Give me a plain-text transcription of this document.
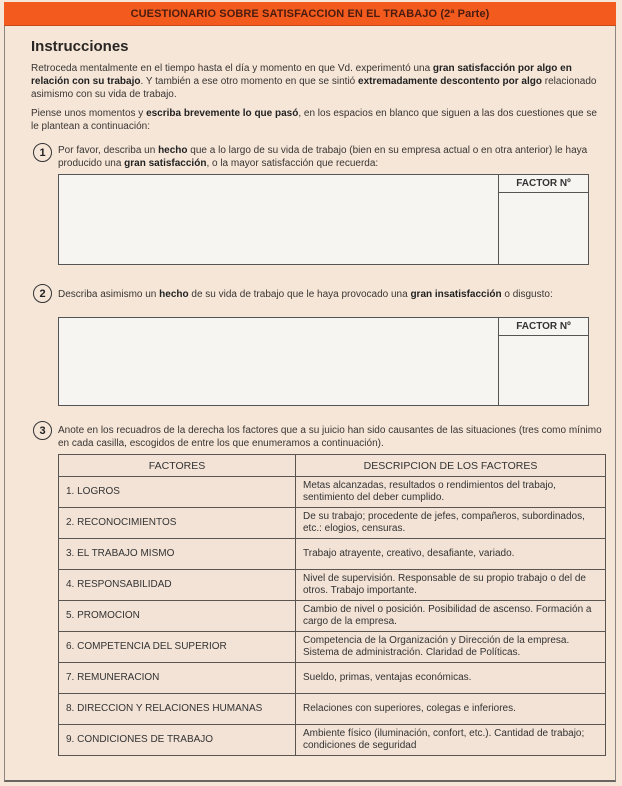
CUESTIONARIO SOBRE SATISFACCION EN EL TRABAJO (2ª Parte)
Instrucciones
Retroceda mentalmente en el tiempo hasta el día y momento en que Vd. experimentó una gran satisfacción por algo en relación con su trabajo. Y también a ese otro momento en que se sintió extremadamente descontento por algo relacionado asimismo con su vida de trabajo.
Piense unos momentos y escriba brevemente lo que pasó, en los espacios en blanco que siguen a las dos cuestiones que se le plantean a continuación:
1 Por favor, describa un hecho que a lo largo de su vida de trabajo (bien en su empresa actual o en otra anterior) le haya producido una gran satisfacción, o la mayor satisfacción que recuerda:
FACTOR Nº
2 Describa asimismo un hecho de su vida de trabajo que le haya provocado una gran insatisfacción o disgusto:
FACTOR Nº
3 Anote en los recuadros de la derecha los factores que a su juicio han sido causantes de las situaciones (tres como mínimo en cada casilla, escogidos de entre los que enumeramos a continuación).
FACTORES	DESCRIPCION DE LOS FACTORES
1. LOGROS	Metas alcanzadas, resultados o rendimientos del trabajo, sentimiento del deber cumplido.
2. RECONOCIMIENTOS	De su trabajo; procedente de jefes, compañeros, subordinados, etc.: elogios, censuras.
3. EL TRABAJO MISMO	Trabajo atrayente, creativo, desafiante, variado.
4. RESPONSABILIDAD	Nivel de supervisión. Responsable de su propio trabajo o del de otros. Trabajo importante.
5. PROMOCION	Cambio de nivel o posición. Posibilidad de ascenso. Formación a cargo de la empresa.
6. COMPETENCIA DEL SUPERIOR	Competencia de la Organización y Dirección de la empresa. Sistema de administración. Claridad de Políticas.
7. REMUNERACION	Sueldo, primas, ventajas económicas.
8. DIRECCION Y RELACIONES HUMANAS	Relaciones con superiores, colegas e inferiores.
9. CONDICIONES DE TRABAJO	Ambiente físico (iluminación, confort, etc.). Cantidad de trabajo; condiciones de seguridad
